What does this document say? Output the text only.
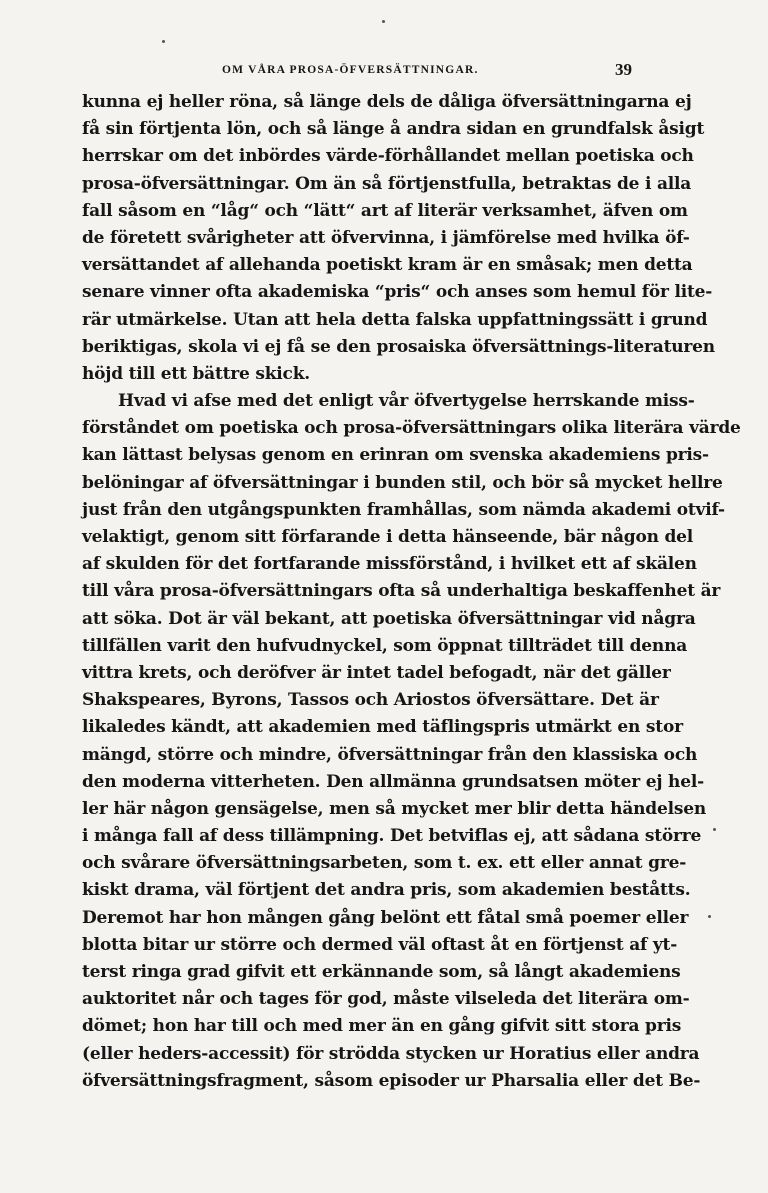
OM VÅRA PROSA-ÖFVERSÄTTNINGAR.	39
kunna ej heller röna, så länge dels de dåliga öfversättningarna ej
få sin förtjenta lön, och så länge å andra sidan en grundfalsk åsigt
herrskar om det inbördes värde-förhållandet mellan poetiska och
prosa-öfversättningar. Om än så förtjenstfulla, betraktas de i alla
fall såsom en “låg“ och “lätt“ art af literär verksamhet, äfven om
de företett svårigheter att öfvervinna, i jämförelse med hvilka öf-
versättandet af allehanda poetiskt kram är en småsak; men detta
senare vinner ofta akademiska “pris“ och anses som hemul för lite-
rär utmärkelse. Utan att hela detta falska uppfattningssätt i grund
beriktigas, skola vi ej få se den prosaiska öfversättnings-literaturen
höjd till ett bättre skick.
Hvad vi afse med det enligt vår öfvertygelse herrskande miss-
förståndet om poetiska och prosa-öfversättningars olika literära värde
kan lättast belysas genom en erinran om svenska akademiens pris-
belöningar af öfversättningar i bunden stil, och bör så mycket hellre
just från den utgångspunkten framhållas, som nämda akademi otvif-
velaktigt, genom sitt förfarande i detta hänseende, bär någon del
af skulden för det fortfarande missförstånd, i hvilket ett af skälen
till våra prosa-öfversättningars ofta så underhaltiga beskaffenhet är
att söka. Dot är väl bekant, att poetiska öfversättningar vid några
tillfällen varit den hufvudnyckel, som öppnat tillträdet till denna
vittra krets, och deröfver är intet tadel befogadt, när det gäller
Shakspeares, Byrons, Tassos och Ariostos öfversättare. Det är
likaledes kändt, att akademien med täflingspris utmärkt en stor
mängd, större och mindre, öfversättningar från den klassiska och
den moderna vitterheten. Den allmänna grundsatsen möter ej hel-
ler här någon gensägelse, men så mycket mer blir detta händelsen
i många fall af dess tillämpning. Det betviflas ej, att sådana större
och svårare öfversättningsarbeten, som t. ex. ett eller annat gre-
kiskt drama, väl förtjent det andra pris, som akademien beståtts.
Deremot har hon mången gång belönt ett fåtal små poemer eller
blotta bitar ur större och dermed väl oftast åt en förtjenst af yt-
terst ringa grad gifvit ett erkännande som, så långt akademiens
auktoritet når och tages för god, måste vilseleda det literära om-
dömet; hon har till och med mer än en gång gifvit sitt stora pris
(eller heders-accessit) för strödda stycken ur Horatius eller andra
öfversättningsfragment, såsom episoder ur Pharsalia eller det Be-
